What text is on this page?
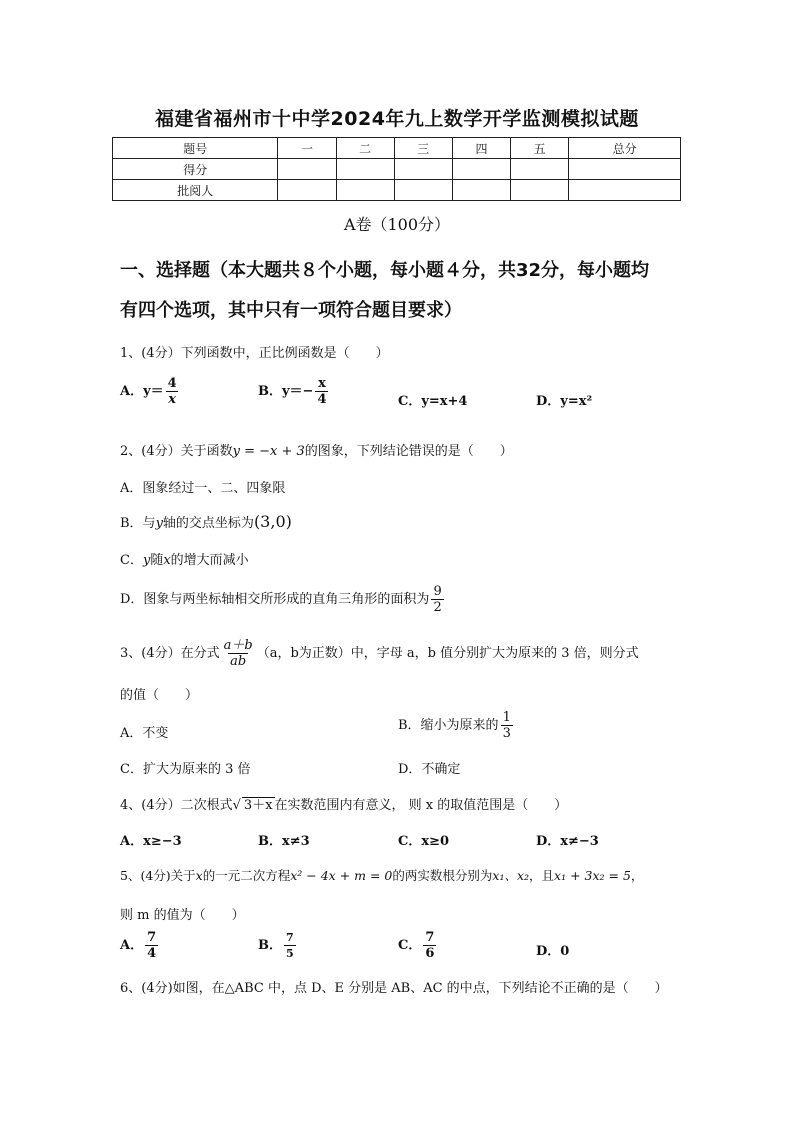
福建省福州市十中学2024年九上数学开学监测模拟试题
题号	一	二	三	四	五	总分
得分						
批阅人						
A卷（100分）
一、选择题（本大题共８个小题，每小题４分，共32分，每小题均
有四个选项，其中只有一项符合题目要求）
1、(4分）下列函数中，正比例函数是（　　）
A．$y= \frac{4}{x}$	B．$y=- \frac{x}{4}$	C．y=x+4	D．y=x²
2、(4分）关于函数y = −x + 3的图象，下列结论错误的是（　　）
A．图象经过一、二、四象限
B．与y轴的交点坐标为(3,0)
C．y随x的增大而减小
D．图象与两坐标轴相交所形成的直角三角形的面积为 $\frac{9}{2}$
3、(4分）在分式 $\frac{a+b}{ab} (a$，b为正数）中，字母 a，b 值分别扩大为原来的 3 倍，则分式
的值（　　）
A．不变
B．缩小为原来的 $\frac{1}{3}$
C．扩大为原来的 3 倍	D．不确定
4、(4分）二次根式√ 3＋x 在实数范围内有意义， 则 x 的取值范围是（　　）
A．x≥−3	B．x≠3	C．x≥0	D．x≠−3
5、(4分)关于x的一元二次方程x² − 4x + m = 0的两实数根分别为x₁、x₂，且x₁ + 3x₂ = 5，
则 m 的值为（　　）
A． $\frac{7}{4}$	B． $\frac{7}{5}$	C． $\frac{7}{6}$	D．0
6、(4分)如图，在△ABC 中，点 D、E 分别是 AB、AC 的中点，下列结论不正确的是（　　）
